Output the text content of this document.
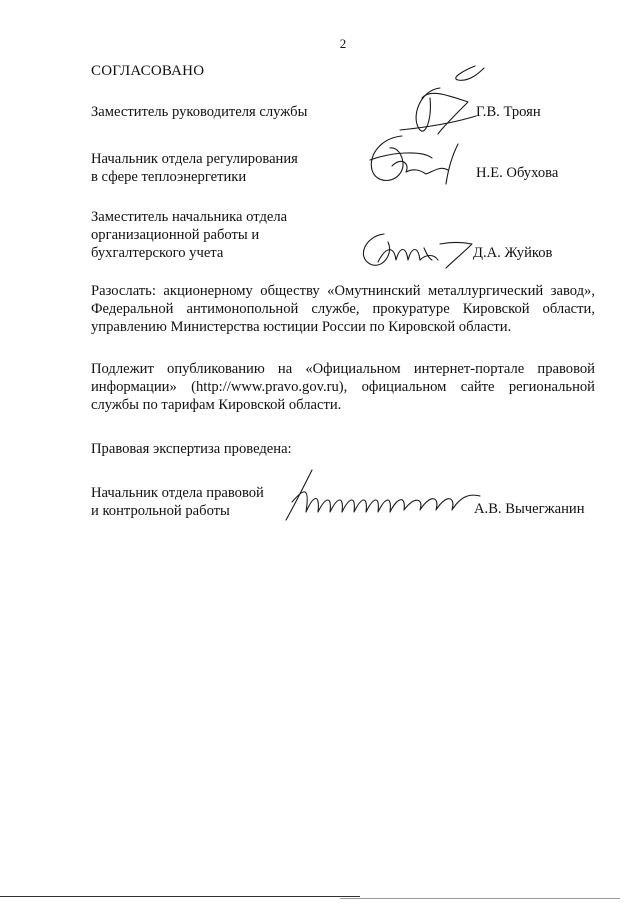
2
СОГЛАСОВАНО
Заместитель руководителя службы	Г.В. Троян
Начальник отдела регулирования
в сфере теплоэнергетики	Н.Е. Обухова
Заместитель начальника отдела
организационной работы и
бухгалтерского учета	Д.А. Жуйков
Разослать: акционерному обществу «Омутнинский металлургический завод»,
Федеральной антимонопольной службе, прокуратуре Кировской области,
управлению Министерства юстиции России по Кировской области.
Подлежит опубликованию на «Официальном интернет-портале правовой
информации» (http://www.pravo.gov.ru), официальном сайте региональной
службы по тарифам Кировской области.
Правовая экспертиза проведена:
Начальник отдела правовой
и контрольной работы	А.В. Вычегжанин
